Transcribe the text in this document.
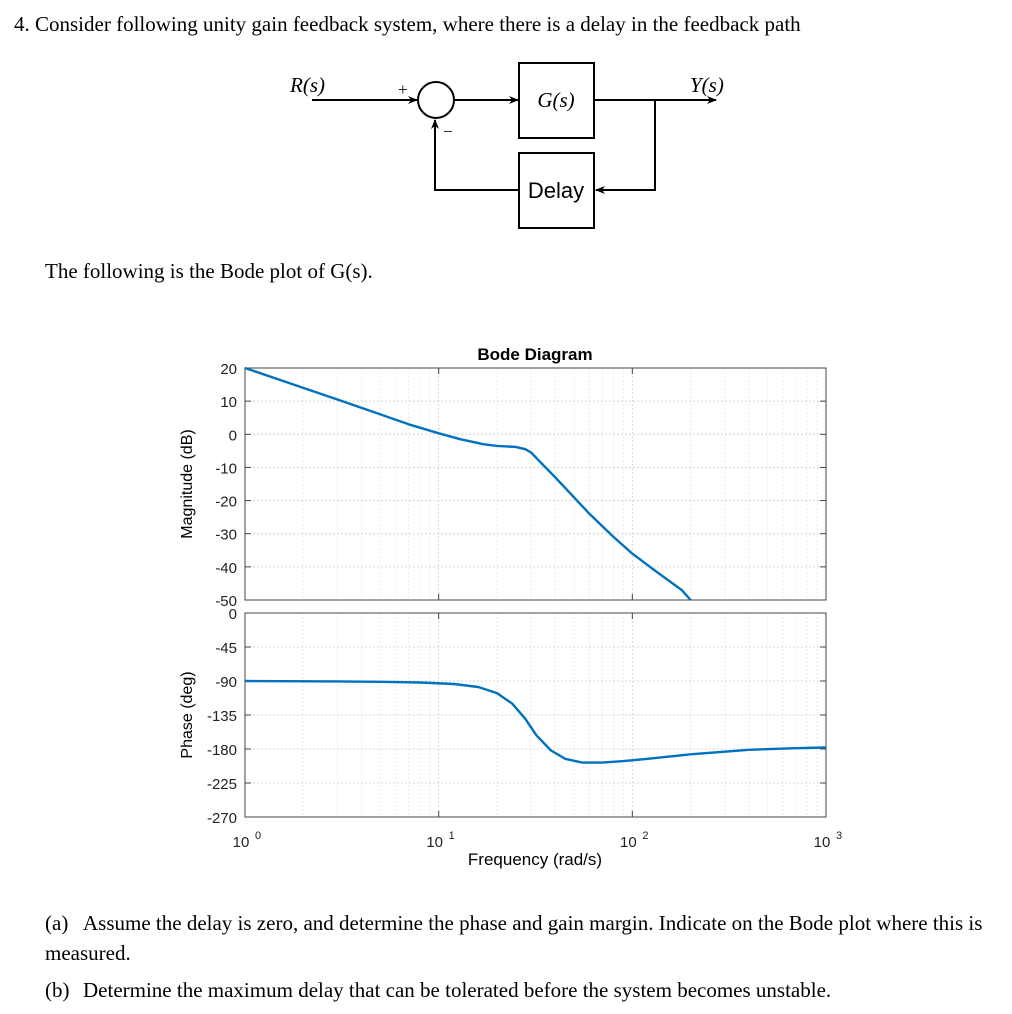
4. Consider following unity gain feedback system, where there is a delay in the feedback path
R(s)	Y(s)
+
−
G(s)
Delay
The following is the Bode plot of G(s).
Bode Diagram
20
10
0
-10
-20
-30
-40
-50
Magnitude (dB)
0
-45
-90
-135
-180
-225
-270
Phase (deg)
10 0	10 1	10 2	10 3
Frequency (rad/s)
(a) Assume the delay is zero, and determine the phase and gain margin. Indicate on the Bode plot where this is measured.
(b) Determine the maximum delay that can be tolerated before the system becomes unstable.
